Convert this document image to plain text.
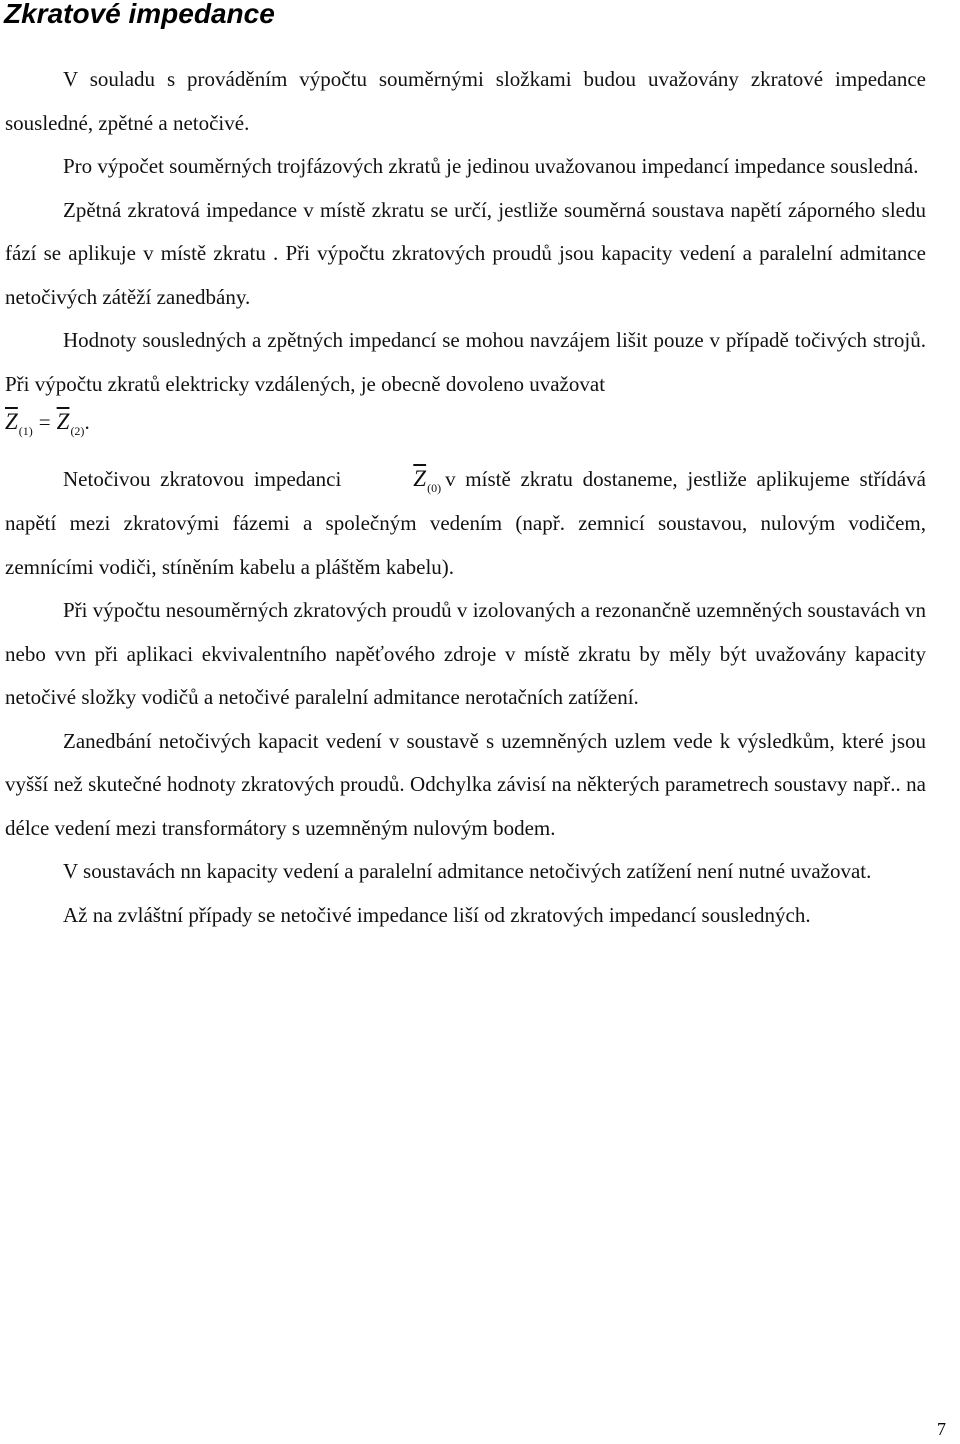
Zkratové impedance

V souladu s prováděním výpočtu souměrnými složkami budou uvažovány zkratové impedance sousledné, zpětné a netočivé.

Pro výpočet souměrných trojfázových zkratů je jedinou uvažovanou impedancí impedance sousledná.

Zpětná zkratová impedance v místě zkratu se určí, jestliže souměrná soustava napětí záporného sledu fází se aplikuje v místě zkratu . Při výpočtu zkratových proudů jsou kapacity vedení a paralelní admitance netočivých zátěží zanedbány.

Hodnoty sousledných a zpětných impedancí se mohou navzájem lišit pouze v případě točivých strojů. Při výpočtu zkratů elektricky vzdálených, je obecně dovoleno uvažovat

$\overline{Z}_{(1)} = \overline{Z}_{(2)}$.

Netočivou zkratovou impedanci	$\overline{Z}_{(0)}$ v místě zkratu dostaneme, jestliže aplikujeme střídává napětí mezi zkratovými fázemi a společným vedením (např. zemnicí soustavou, nulovým vodičem, zemnícími vodiči, stíněním kabelu a pláštěm kabelu).

Při výpočtu nesouměrných zkratových proudů v izolovaných a rezonančně uzemněných soustavách vn nebo vvn při aplikaci ekvivalentního napěťového zdroje v místě zkratu by měly být uvažovány kapacity netočivé složky vodičů a netočivé paralelní admitance nerotačních zatížení.

Zanedbání netočivých kapacit vedení v soustavě s uzemněných uzlem vede k výsledkům, které jsou vyšší než skutečné hodnoty zkratových proudů. Odchylka závisí na některých parametrech soustavy např.. na délce vedení mezi transformátory s uzemněným nulovým bodem.

V soustavách nn kapacity vedení a paralelní admitance netočivých zatížení není nutné uvažovat.

Až na zvláštní případy se netočivé impedance liší od zkratových impedancí sousledných.

7
